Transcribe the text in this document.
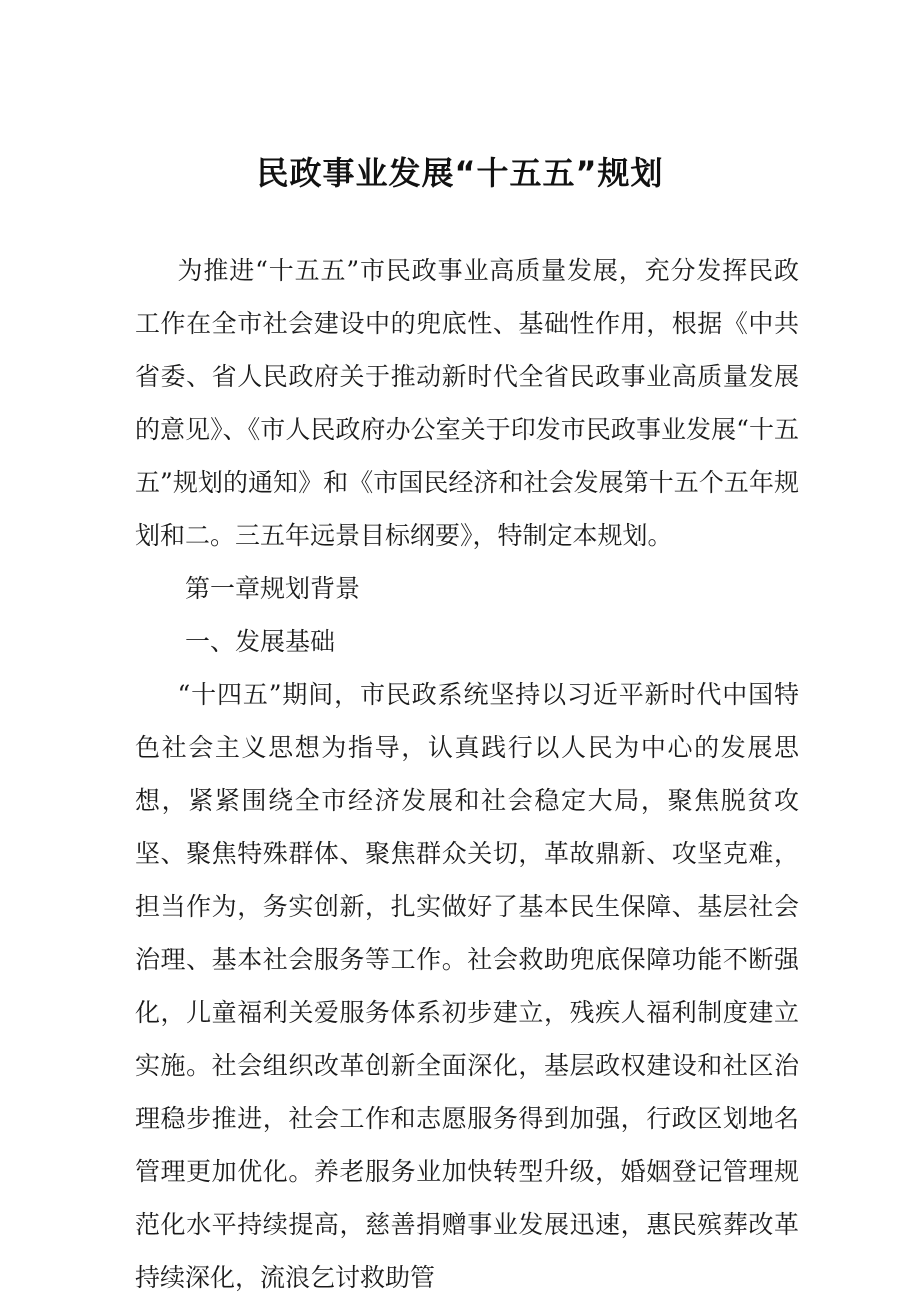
民政事业发展“十五五”规划

为推进“十五五”市民政事业高质量发展，充分发挥民政工作在全市社会建设中的兜底性、基础性作用，根据《中共省委、省人民政府关于推动新时代全省民政事业高质量发展的意见》、《市人民政府办公室关于印发市民政事业发展“十五五”规划的通知》和《市国民经济和社会发展第十五个五年规划和二。三五年远景目标纲要》，特制定本规划。

第一章规划背景

一、发展基础

“十四五”期间，市民政系统坚持以习近平新时代中国特色社会主义思想为指导，认真践行以人民为中心的发展思想，紧紧围绕全市经济发展和社会稳定大局，聚焦脱贫攻坚、聚焦特殊群体、聚焦群众关切，革故鼎新、攻坚克难，担当作为，务实创新，扎实做好了基本民生保障、基层社会治理、基本社会服务等工作。社会救助兜底保障功能不断强化，儿童福利关爱服务体系初步建立，残疾人福利制度建立实施。社会组织改革创新全面深化，基层政权建设和社区治理稳步推进，社会工作和志愿服务得到加强，行政区划地名管理更加优化。养老服务业加快转型升级，婚姻登记管理规范化水平持续提高，慈善捐赠事业发展迅速，惠民殡葬改革持续深化，流浪乞讨救助管
